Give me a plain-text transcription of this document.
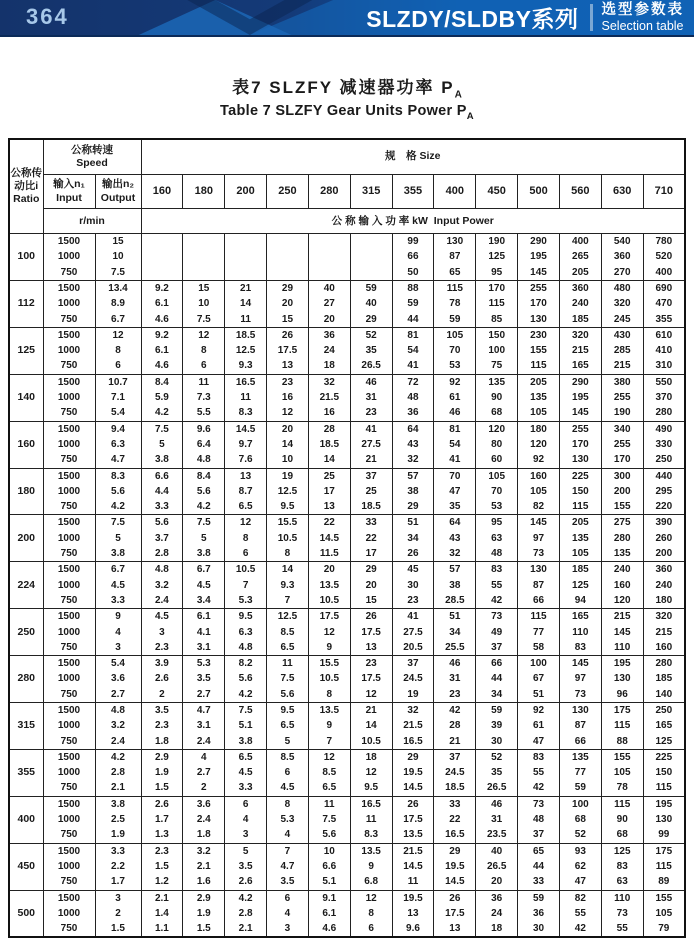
364	SLZDY/SLDBY系列 选型参数表
Selection table
表7 SLZFY 减速器功率 $P_A$
Table 7 SLZFY Gear Units Power $P_A$
公称传
动比i
Ratio	公称转速
Speed		规　格 Size												

	输入n₁
Input	输出n₂
Output	160	180	200	250	280	315	355	400	450	500	560	630	710
	r/min		公 称 输 入 功 率 kW  Input Power												
100	1500	15							99	130	190	290	400	540	780
	1000	10							66	87	125	195	265	360	520
	750	7.5							50	65	95	145	205	270	400
112	1500	13.4	9.2	15	21	29	40	59	88	115	170	255	360	480	690
	1000	8.9	6.1	10	14	20	27	40	59	78	115	170	240	320	470
	750	6.7	4.6	7.5	11	15	20	29	44	59	85	130	185	245	355
125	1500	12	9.2	12	18.5	26	36	52	81	105	150	230	320	430	610
	1000	8	6.1	8	12.5	17.5	24	35	54	70	100	155	215	285	410
	750	6	4.6	6	9.3	13	18	26.5	41	53	75	115	165	215	310
140	1500	10.7	8.4	11	16.5	23	32	46	72	92	135	205	290	380	550
	1000	7.1	5.9	7.3	11	16	21.5	31	48	61	90	135	195	255	370
	750	5.4	4.2	5.5	8.3	12	16	23	36	46	68	105	145	190	280
160	1500	9.4	7.5	9.6	14.5	20	28	41	64	81	120	180	255	340	490
	1000	6.3	5	6.4	9.7	14	18.5	27.5	43	54	80	120	170	255	330
	750	4.7	3.8	4.8	7.6	10	14	21	32	41	60	92	130	170	250
180	1500	8.3	6.6	8.4	13	19	25	37	57	70	105	160	225	300	440
	1000	5.6	4.4	5.6	8.7	12.5	17	25	38	47	70	105	150	200	295
	750	4.2	3.3	4.2	6.5	9.5	13	18.5	29	35	53	82	115	155	220
200	1500	7.5	5.6	7.5	12	15.5	22	33	51	64	95	145	205	275	390
	1000	5	3.7	5	8	10.5	14.5	22	34	43	63	97	135	280	260
	750	3.8	2.8	3.8	6	8	11.5	17	26	32	48	73	105	135	200
224	1500	6.7	4.8	6.7	10.5	14	20	29	45	57	83	130	185	240	360
	1000	4.5	3.2	4.5	7	9.3	13.5	20	30	38	55	87	125	160	240
	750	3.3	2.4	3.4	5.3	7	10.5	15	23	28.5	42	66	94	120	180
250	1500	9	4.5	6.1	9.5	12.5	17.5	26	41	51	73	115	165	215	320
	1000	4	3	4.1	6.3	8.5	12	17.5	27.5	34	49	77	110	145	215
	750	3	2.3	3.1	4.8	6.5	9	13	20.5	25.5	37	58	83	110	160
280	1500	5.4	3.9	5.3	8.2	11	15.5	23	37	46	66	100	145	195	280
	1000	3.6	2.6	3.5	5.6	7.5	10.5	17.5	24.5	31	44	67	97	130	185
	750	2.7	2	2.7	4.2	5.6	8	12	19	23	34	51	73	96	140
315	1500	4.8	3.5	4.7	7.5	9.5	13.5	21	32	42	59	92	130	175	250
	1000	3.2	2.3	3.1	5.1	6.5	9	14	21.5	28	39	61	87	115	165
	750	2.4	1.8	2.4	3.8	5	7	10.5	16.5	21	30	47	66	88	125
355	1500	4.2	2.9	4	6.5	8.5	12	18	29	37	52	83	135	155	225
	1000	2.8	1.9	2.7	4.5	6	8.5	12	19.5	24.5	35	55	77	105	150
	750	2.1	1.5	2	3.3	4.5	6.5	9.5	14.5	18.5	26.5	42	59	78	115
400	1500	3.8	2.6	3.6	6	8	11	16.5	26	33	46	73	100	115	195
	1000	2.5	1.7	2.4	4	5.3	7.5	11	17.5	22	31	48	68	90	130
	750	1.9	1.3	1.8	3	4	5.6	8.3	13.5	16.5	23.5	37	52	68	99
450	1500	3.3	2.3	3.2	5	7	10	13.5	21.5	29	40	65	93	125	175
	1000	2.2	1.5	2.1	3.5	4.7	6.6	9	14.5	19.5	26.5	44	62	83	115
	750	1.7	1.2	1.6	2.6	3.5	5.1	6.8	11	14.5	20	33	47	63	89
500	1500	3	2.1	2.9	4.2	6	9.1	12	19.5	26	36	59	82	110	155
	1000	2	1.4	1.9	2.8	4	6.1	8	13	17.5	24	36	55	73	105
	750	1.5	1.1	1.5	2.1	3	4.6	6	9.6	13	18	30	42	55	79
